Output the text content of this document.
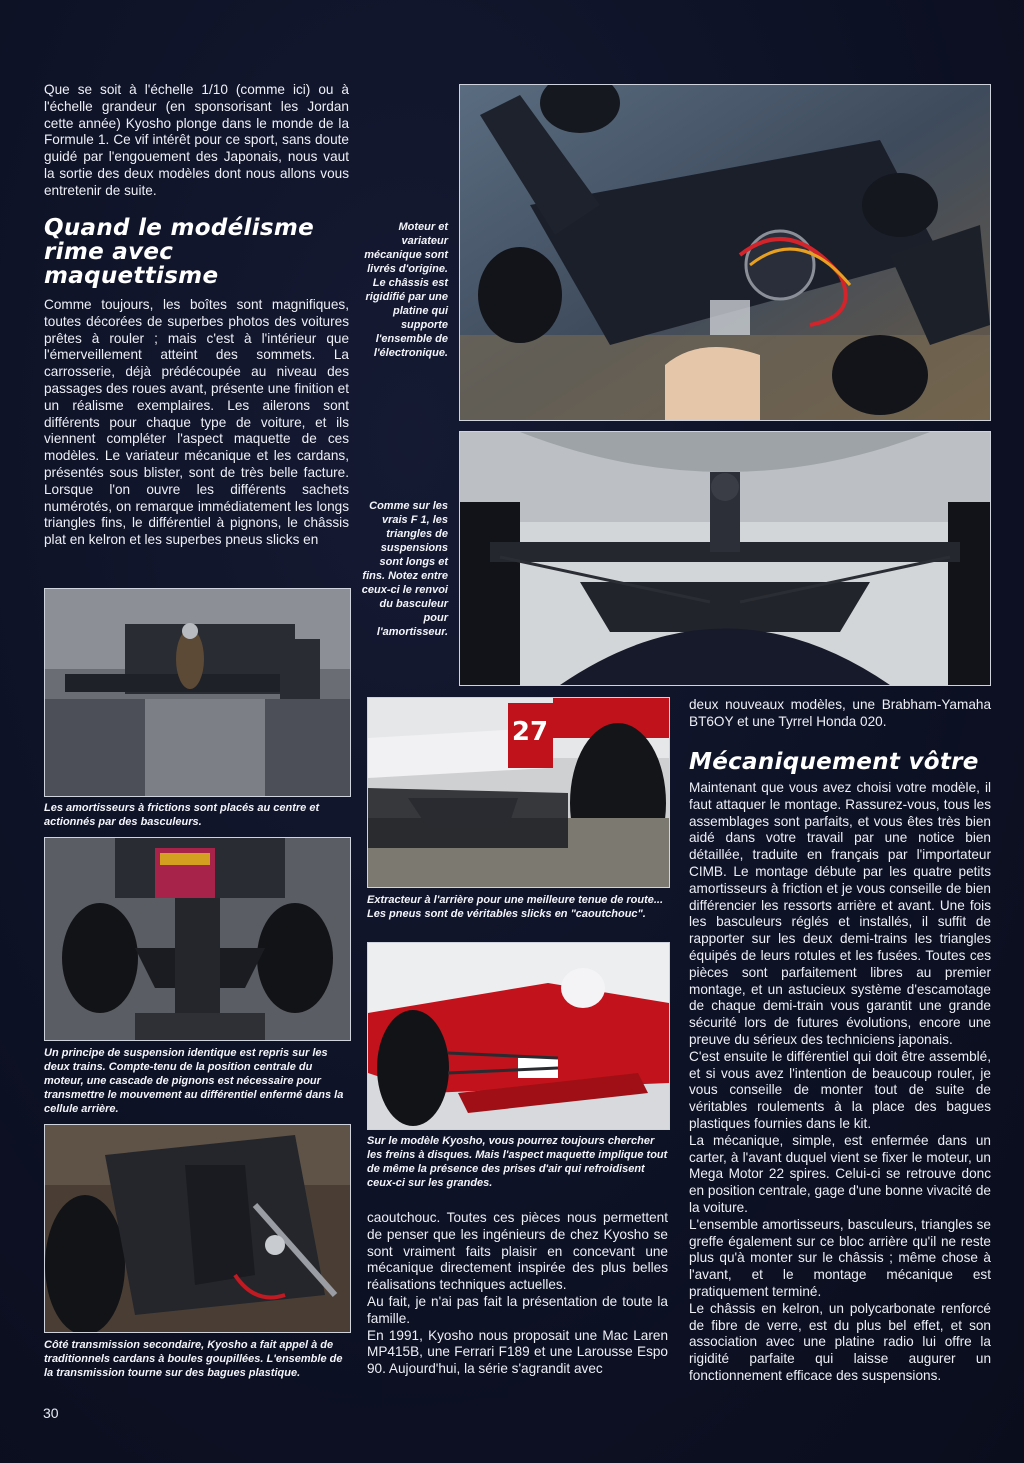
Que se soit à l'échelle 1/10 (comme ici) ou à l'échelle grandeur (en sponsorisant les Jordan cette année) Kyosho plonge dans le monde de la Formule 1. Ce vif intérêt pour ce sport, sans doute guidé par l'engouement des Japonais, nous vaut la sortie des deux modèles dont nous allons vous entretenir de suite.

Quand le modélisme rime avec maquettisme

Comme toujours, les boîtes sont magnifiques, toutes décorées de superbes photos des voitures prêtes à rouler ; mais c'est à l'intérieur que l'émerveillement atteint des sommets. La carrosserie, déjà prédécoupée au niveau des passages des roues avant, présente une finition et un réalisme exemplaires. Les ailerons sont différents pour chaque type de voiture, et ils viennent compléter l'aspect maquette de ces modèles. Le variateur mécanique et les cardans, présentés sous blister, sont de très belle facture. Lorsque l'on ouvre les différents sachets numérotés, on remarque immédiatement les longs triangles fins, le différentiel à pignons, le châssis plat en kelron et les superbes pneus slicks en

Moteur et variateur mécanique sont livrés d'origine. Le châssis est rigidifié par une platine qui supporte l'ensemble de l'électronique.

Comme sur les vrais F 1, les triangles de suspensions sont longs et fins. Notez entre ceux-ci le renvoi du basculeur pour l'amortisseur.

Les amortisseurs à frictions sont placés au centre et actionnés par des basculeurs.

Un principe de suspension identique est repris sur les deux trains. Compte-tenu de la position centrale du moteur, une cascade de pignons est nécessaire pour transmettre le mouvement au différentiel enfermé dans la cellule arrière.

Côté transmission secondaire, Kyosho a fait appel à de traditionnels cardans à boules goupillées. L'ensemble de la transmission tourne sur des bagues plastique.

27

Extracteur à l'arrière pour une meilleure tenue de route... Les pneus sont de véritables slicks en "caoutchouc".

Sur le modèle Kyosho, vous pourrez toujours chercher les freins à disques. Mais l'aspect maquette implique tout de même la présence des prises d'air qui refroidisent ceux-ci sur les grandes.

caoutchouc. Toutes ces pièces nous permettent de penser que les ingénieurs de chez Kyosho se sont vraiment faits plaisir en concevant une mécanique directement inspirée des plus belles réalisations techniques actuelles.
Au fait, je n'ai pas fait la présentation de toute la famille.
En 1991, Kyosho nous proposait une Mac Laren MP415B, une Ferrari F189 et une Larousse Espo 90. Aujourd'hui, la série s'agrandit avec

deux nouveaux modèles, une Brabham-Yamaha BT6OY et une Tyrrel Honda 020.

Mécaniquement vôtre

Maintenant que vous avez choisi votre modèle, il faut attaquer le montage. Rassurez-vous, tous les assemblages sont parfaits, et vous êtes très bien aidé dans votre travail par une notice bien détaillée, traduite en français par l'importateur CIMB. Le montage débute par les quatre petits amortisseurs à friction et je vous conseille de bien différencier les ressorts arrière et avant. Une fois les basculeurs réglés et installés, il suffit de rapporter sur les deux demi-trains les triangles équipés de leurs rotules et les fusées. Toutes ces pièces sont parfaitement libres au premier montage, et un astucieux système d'escamotage de chaque demi-train vous garantit une grande sécurité lors de futures évolutions, encore une preuve du sérieux des techniciens japonais.
C'est ensuite le différentiel qui doit être assemblé, et si vous avez l'intention de beaucoup rouler, je vous conseille de monter tout de suite de véritables roulements à la place des bagues plastiques fournies dans le kit.
La mécanique, simple, est enfermée dans un carter, à l'avant duquel vient se fixer le moteur, un Mega Motor 22 spires. Celui-ci se retrouve donc en position centrale, gage d'une bonne vivacité de la voiture.
L'ensemble amortisseurs, basculeurs, triangles se greffe également sur ce bloc arrière qu'il ne reste plus qu'à monter sur le châssis ; même chose à l'avant, et le montage mécanique est pratiquement terminé.
Le châssis en kelron, un polycarbonate renforcé de fibre de verre, est du plus bel effet, et son association avec une platine radio lui offre la rigidité parfaite qui laisse augurer un fonctionnement efficace des suspensions.

30
